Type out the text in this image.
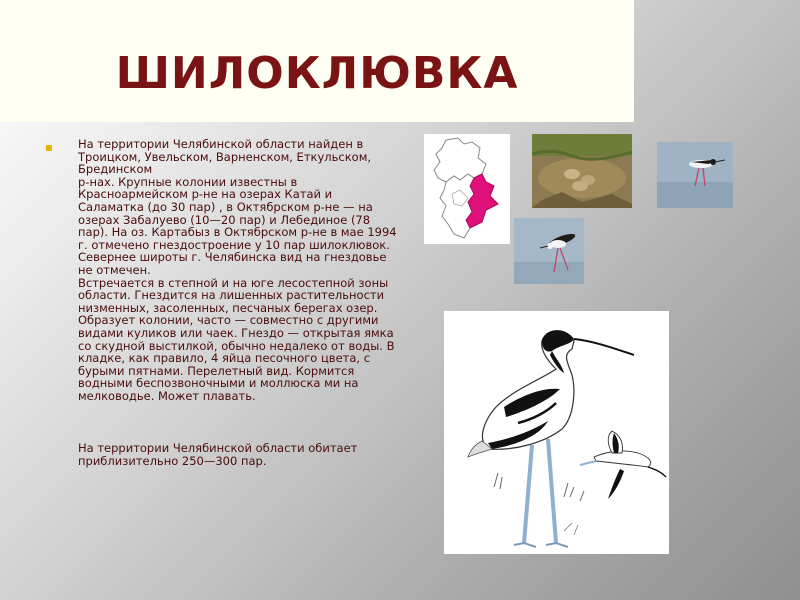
ШИЛОКЛЮВКА
На территории Челябинской области найден в Троицком, Увельском, Варненском, Еткульском, Брединском
р-нах. Крупные колонии известны в Красноармейском р-не на озерах Катай и Саламатка (до 30 пар) , в Октябрском р-не — на озерах Забалуево (10—20 пар) и Лебединое (78 пар). На оз. Картабыз в Октябрском р-не в мае 1994 г. отмечено гнездостроение у 10 пар шилоклювок. Севернее широты г. Челябинска вид на гнездовье не отмечен.
Встречается в степной и на юге лесостепной зоны области. Гнездится на лишенных растительности низменных, засоленных, песчаных берегах озер. Образует колонии, часто — совместно с другими видами куликов или чаек. Гнездо — открытая ямка со скудной выстилкой, обычно недалеко от воды. В кладке, как правило, 4 яйца песочного цвета, с бурыми пятнами. Перелетный вид. Кормится водными беспозвоночными и моллюска ми на мелководье. Может плавать.
На территории Челябинской области обитает приблизительно 250—300 пар.
